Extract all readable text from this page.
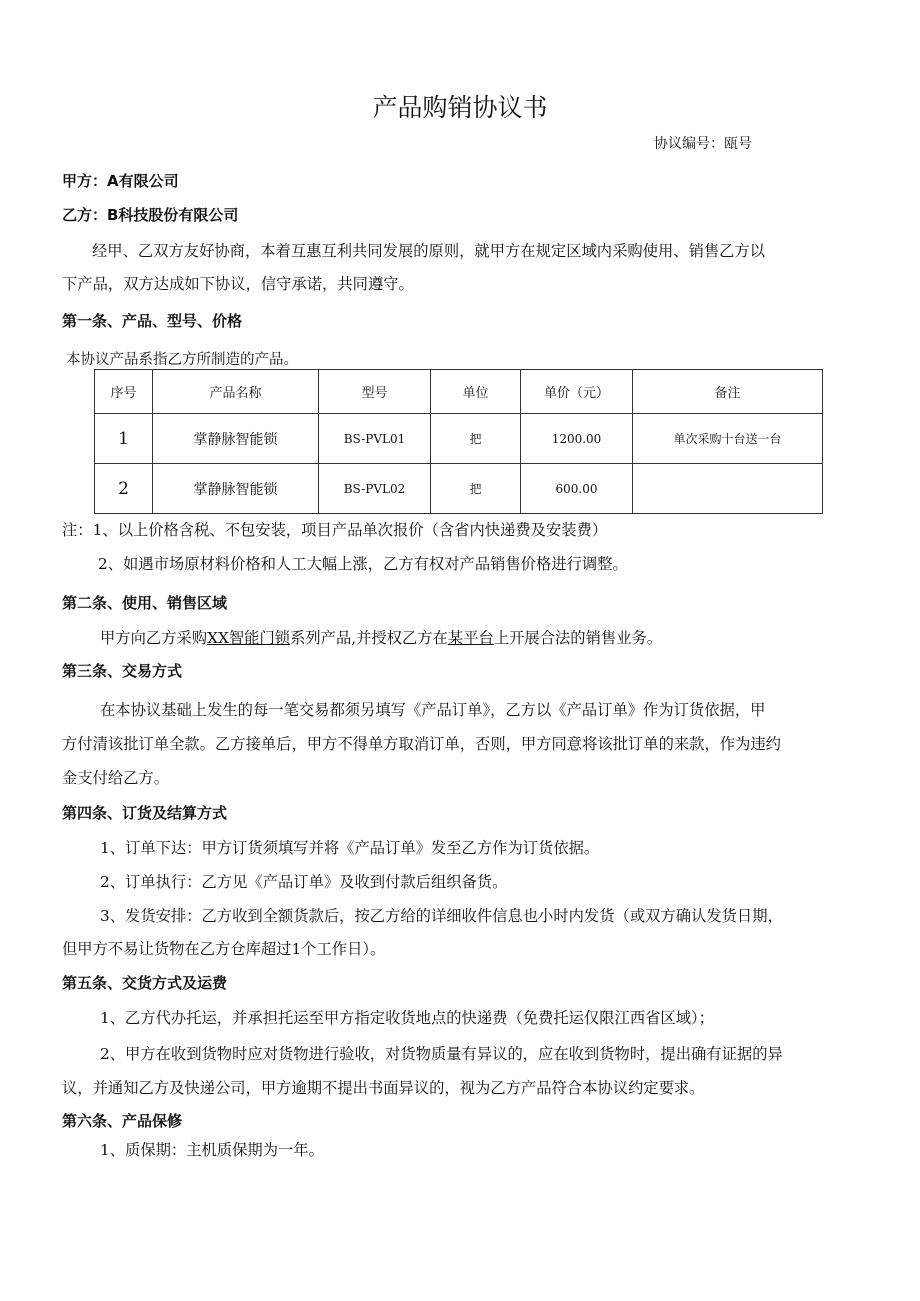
产品购销协议书
协议编号：瓯号
甲方：A有限公司
乙方：B科技股份有限公司
经甲、乙双方友好协商，本着互惠互利共同发展的原则，就甲方在规定区域内采购使用、销售乙方以
下产品，双方达成如下协议，信守承诺，共同遵守。
第一条、产品、型号、价格
本协议产品系指乙方所制造的产品。
序号	产品名称	型号	单位	单价（元）	备注
1	掌静脉智能锁	BS-PVL01	把	1200.00	单次采购十台送一台
2	掌静脉智能锁	BS-PVL02	把	600.00	
注：1、以上价格含税、不包安装，项目产品单次报价（含省内快递费及安装费）
2、如遇市场原材料价格和人工大幅上涨，乙方有权对产品销售价格进行调整。
第二条、使用、销售区域
甲方向乙方采购XX智能门锁系列产品,并授权乙方在某平台上开展合法的销售业务。
第三条、交易方式
在本协议基础上发生的每一笔交易都须另填写《产品订单》，乙方以《产品订单》作为订货依据，甲
方付清该批订单全款。乙方接单后，甲方不得单方取消订单，否则，甲方同意将该批订单的来款，作为违约
金支付给乙方。
第四条、订货及结算方式
1、订单下达：甲方订货须填写并将《产品订单》发至乙方作为订货依据。
2、订单执行：乙方见《产品订单》及收到付款后组织备货。
3、发货安排：乙方收到全额货款后，按乙方给的详细收件信息也小时内发货（或双方确认发货日期，
但甲方不易让货物在乙方仓库超过1个工作日）。
第五条、交货方式及运费
1、乙方代办托运，并承担托运至甲方指定收货地点的快递费（免费托运仅限江西省区域）；
2、甲方在收到货物时应对货物进行验收，对货物质量有异议的，应在收到货物时，提出确有证据的异
议，并通知乙方及快递公司，甲方逾期不提出书面异议的，视为乙方产品符合本协议约定要求。
第六条、产品保修
1、质保期：主机质保期为一年。
